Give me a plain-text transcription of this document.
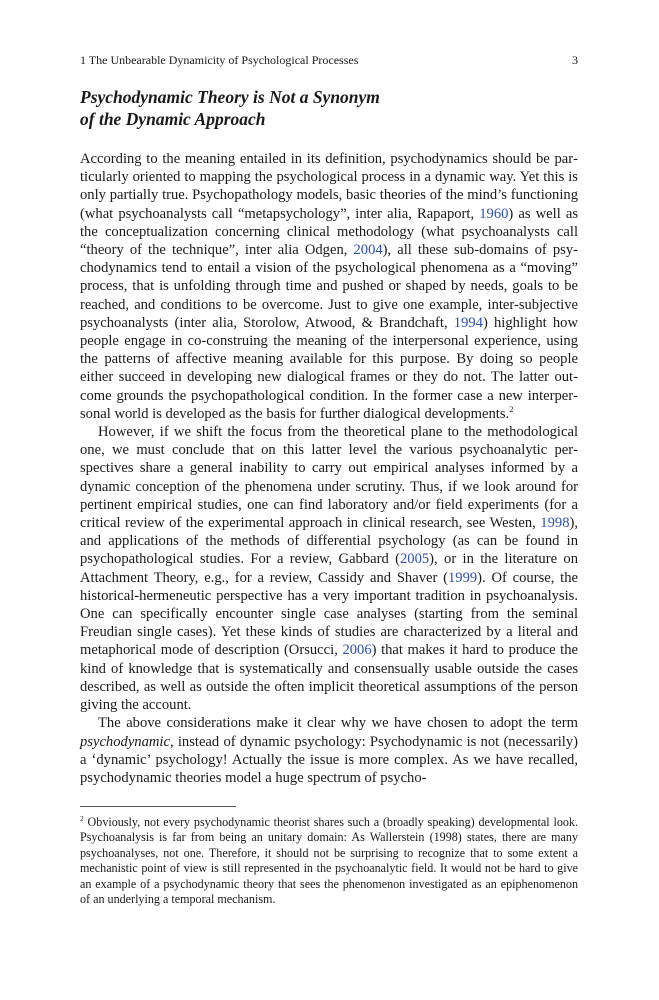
1 The Unbearable Dynamicity of Psychological Processes	3
Psychodynamic Theory is Not a Synonym
of the Dynamic Approach

According to the meaning entailed in its definition, psychodynamics should be particularly oriented to mapping the psychological process in a dynamic way. Yet this is only partially true. Psychopathology models, basic theories of the mind’s functioning (what psychoanalysts call “metapsychology”, inter alia, Rapaport, 1960) as well as the conceptualization concerning clinical methodology (what psychoanalysts call “theory of the technique”, inter alia Odgen, 2004), all these sub-domains of psychodynamics tend to entail a vision of the psychological phenomena as a “moving” process, that is unfolding through time and pushed or shaped by needs, goals to be reached, and conditions to be overcome. Just to give one example, inter-subjective psychoanalysts (inter alia, Storolow, Atwood, & Brandchaft, 1994) highlight how people engage in co-construing the meaning of the interpersonal experience, using the patterns of affective meaning available for this purpose. By doing so people either succeed in developing new dialogical frames or they do not. The latter outcome grounds the psychopathological condition. In the former case a new interpersonal world is developed as the basis for further dialogical developments.$^2$

However, if we shift the focus from the theoretical plane to the methodological one, we must conclude that on this latter level the various psychoanalytic perspectives share a general inability to carry out empirical analyses informed by a dynamic conception of the phenomena under scrutiny. Thus, if we look around for pertinent empirical studies, one can find laboratory and/or field experiments (for a critical review of the experimental approach in clinical research, see Westen, 1998), and applications of the methods of differential psychology (as can be found in psychopathological studies. For a review, Gabbard (2005), or in the literature on Attachment Theory, e.g., for a review, Cassidy and Shaver (1999). Of course, the historical-hermeneutic perspective has a very important tradition in psychoanalysis. One can specifically encounter single case analyses (starting from the seminal Freudian single cases). Yet these kinds of studies are characterized by a literal and metaphorical mode of description (Orsucci, 2006) that makes it hard to produce the kind of knowledge that is systematically and consensually usable outside the cases described, as well as outside the often implicit theoretical assumptions of the person giving the account.

The above considerations make it clear why we have chosen to adopt the term psychodynamic, instead of dynamic psychology: Psychodynamic is not (necessarily) a ‘dynamic’ psychology! Actually the issue is more complex. As we have recalled, psychodynamic theories model a huge spectrum of psycho-

$^2$ Obviously, not every psychodynamic theorist shares such a (broadly speaking) developmental look. Psychoanalysis is far from being an unitary domain: As Wallerstein (1998) states, there are many psychoanalyses, not one. Therefore, it should not be surprising to recognize that to some extent a mechanistic point of view is still represented in the psychoanalytic field. It would not be hard to give an example of a psychodynamic theory that sees the phenomenon investigated as an epiphenomenon of an underlying a temporal mechanism.
